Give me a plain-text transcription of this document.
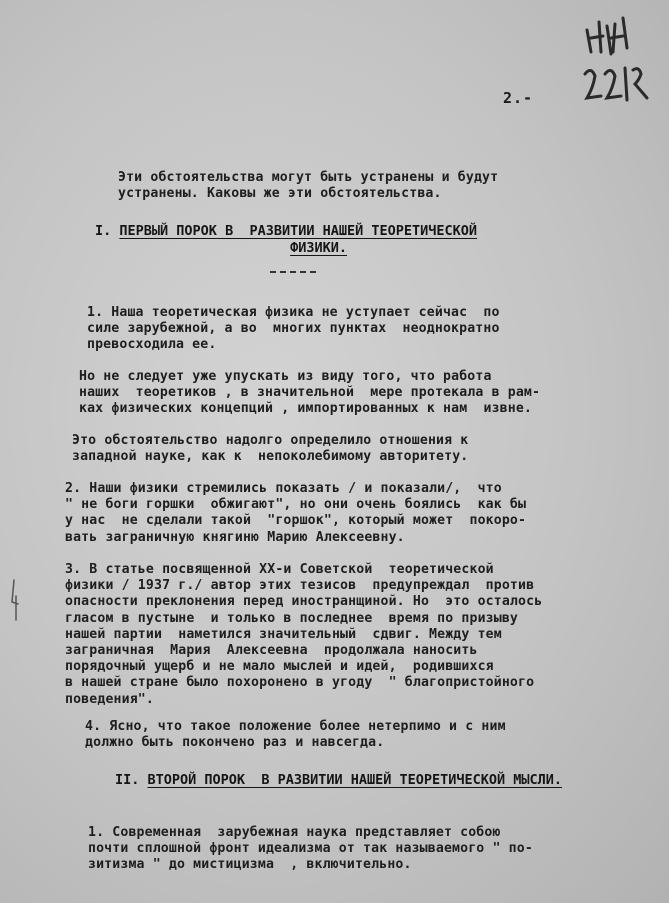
2.-

Эти обстоятельства могут быть устранены и будут
устранены. Каковы же эти обстоятельства.

I. ПЕРВЫЙ ПОРОК В  РАЗВИТИИ НАШЕЙ ТЕОРЕТИЧЕСКОЙ
ФИЗИКИ.

1. Наша теоретическая физика не уступает сейчас  по
силе зарубежной, а во  многих пунктах  неоднократно
превосходила ее.

Но не следует уже упускать из виду того, что работа
наших  теоретиков , в значительной  мере протекала в рам-
ках физических концепций , импортированных к нам  извне.

Это обстоятельство надолго определило отношения к
западной науке, как к  непоколебимому авторитету.

2. Наши физики стремились показать / и показали/,  что
" не боги горшки  обжигают", но они очень боялись  как бы
у нас  не сделали такой  "горшок", который может  покоро-
вать заграничную княгиню Марию Алексеевну.

3. В статье посвященной XX-и Советской  теоретической
физики / 1937 г./ автор этих тезисов  предупреждал  против
опасности преклонения перед иностранщиной. Но  это осталось
гласом в пустыне  и только в последнее  время по призыву
нашей партии  наметился значительный  сдвиг. Между тем
заграничная  Мария  Алексеевна  продолжала наносить
порядочный ущерб и не мало мыслей и идей,  родившихся
в нашей стране было похоронено в угоду  " благопристойного
поведения".

4. Ясно, что такое положение более нетерпимо и с ним
должно быть покончено раз и навсегда.

II. ВТОРОЙ ПОРОК  В РАЗВИТИИ НАШЕЙ ТЕОРЕТИЧЕСКОЙ МЫСЛИ.

1. Современная  зарубежная наука представляет собою
почти сплошной фронт идеализма от так называемого " по-
зитизма " до мистицизма  , включительно.
